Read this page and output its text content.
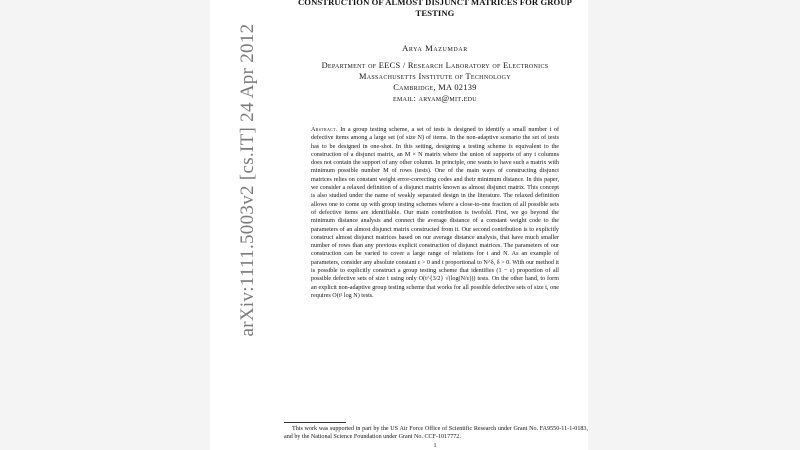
arXiv:1111.5003v2 [cs.IT] 24 Apr 2012
CONSTRUCTION OF ALMOST DISJUNCT MATRICES FOR GROUP TESTING
Arya Mazumdar
Department of EECS / Research Laboratory of Electronics
Massachusetts Institute of Technology
Cambridge, MA 02139
email: aryam@mit.edu
Abstract. In a group testing scheme, a set of tests is designed to identify a small number t of defective items among a large set (of size N) of items. In the non-adaptive scenario the set of tests has to be designed in one-shot. In this setting, designing a testing scheme is equivalent to the construction of a disjunct matrix, an M × N matrix where the union of supports of any t columns does not contain the support of any other column. In principle, one wants to have such a matrix with minimum possible number M of rows (tests). One of the main ways of constructing disjunct matrices relies on constant weight error-correcting codes and their minimum distance. In this paper, we consider a relaxed definition of a disjunct matrix known as almost disjunct matrix. This concept is also studied under the name of weakly separated design in the literature. The relaxed definition allows one to come up with group testing schemes where a close-to-one fraction of all possible sets of defective items are identifiable. Our main contribution is twofold. First, we go beyond the minimum distance analysis and connect the average distance of a constant weight code to the parameters of an almost disjunct matrix constructed from it. Our second contribution is to explicitly construct almost disjunct matrices based on our average distance analysis, that have much smaller number of rows than any previous explicit construction of disjunct matrices. The parameters of our construction can be varied to cover a large range of relations for t and N. As an example of parameters, consider any absolute constant ε > 0 and t proportional to N^δ, δ > 0. With our method it is possible to explicitly construct a group testing scheme that identifies (1 − ε) proportion of all possible defective sets of size t using only O(t^{3/2} √(log(N/ε))) tests. On the other hand, to form an explicit non-adaptive group testing scheme that works for all possible defective sets of size t, one requires O(t² log N) tests.
This work was supported in part by the US Air Force Office of Scientific Research under Grant No. FA9550-11-1-0183, and by the National Science Foundation under Grant No. CCF-1017772.
1
